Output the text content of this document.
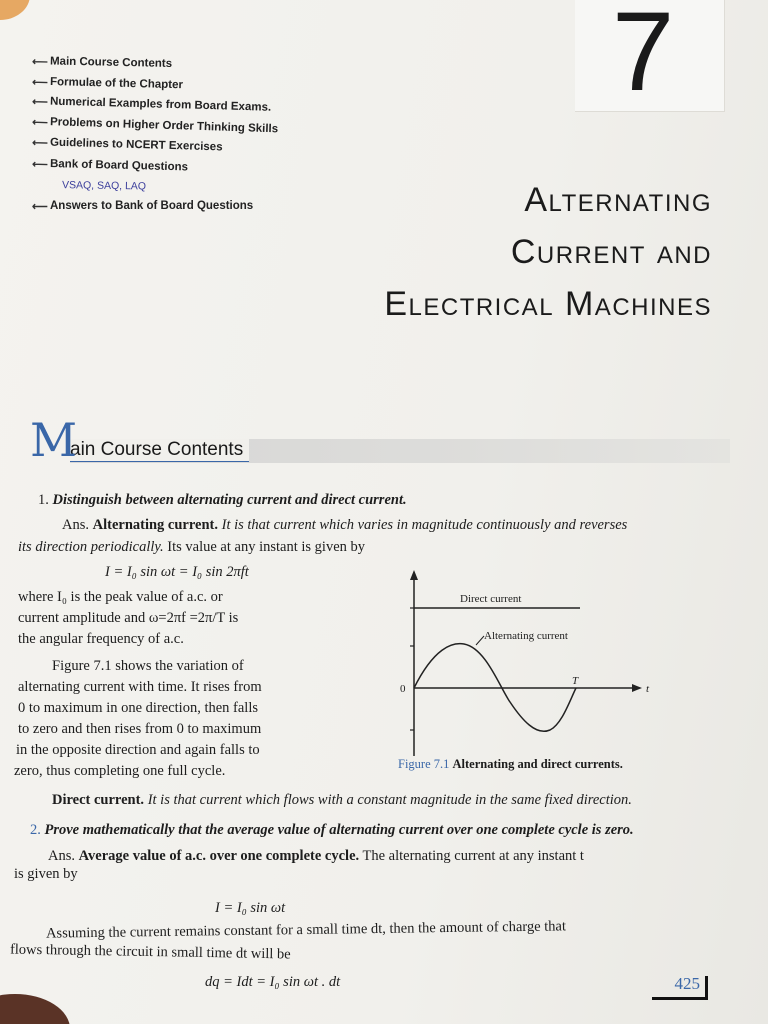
7
⟵ Main Course Contents
⟵ Formulae of the Chapter
⟵ Numerical Examples from Board Exams.
⟵ Problems on Higher Order Thinking Skills
⟵ Guidelines to NCERT Exercises
⟵ Bank of Board Questions
VSAQ, SAQ, LAQ
⟵ Answers to Bank of Board Questions	Alternating
Current and
Electrical Machines
ain Course Contents
M
1. Distinguish between alternating current and direct current.
Ans. Alternating current. It is that current which varies in magnitude continuously and reverses
its direction periodically. Its value at any instant is given by
I = I₀ sin ωt = I₀ sin 2πft
where I₀ is the peak value of a.c. or
current amplitude and ω=2πf =2π/T is
the angular frequency of a.c.
Figure 7.1 shows the variation of
alternating current with time. It rises from
0 to maximum in one direction, then falls
to zero and then rises from 0 to maximum
in the opposite direction and again falls to
zero, thus completing one full cycle.
Direct current
Alternating current
0	t
T
Figure 7.1 Alternating and direct currents.
Direct current. It is that current which flows with a constant magnitude in the same fixed direction.
2. Prove mathematically that the average value of alternating current over one complete cycle is zero.
Ans. Average value of a.c. over one complete cycle. The alternating current at any instant t
is given by
I = I₀ sin ωt
Assuming the current remains constant for a small time dt, then the amount of charge that
flows through the circuit in small time dt will be
dq = Idt = I₀ sin ωt . dt	425
